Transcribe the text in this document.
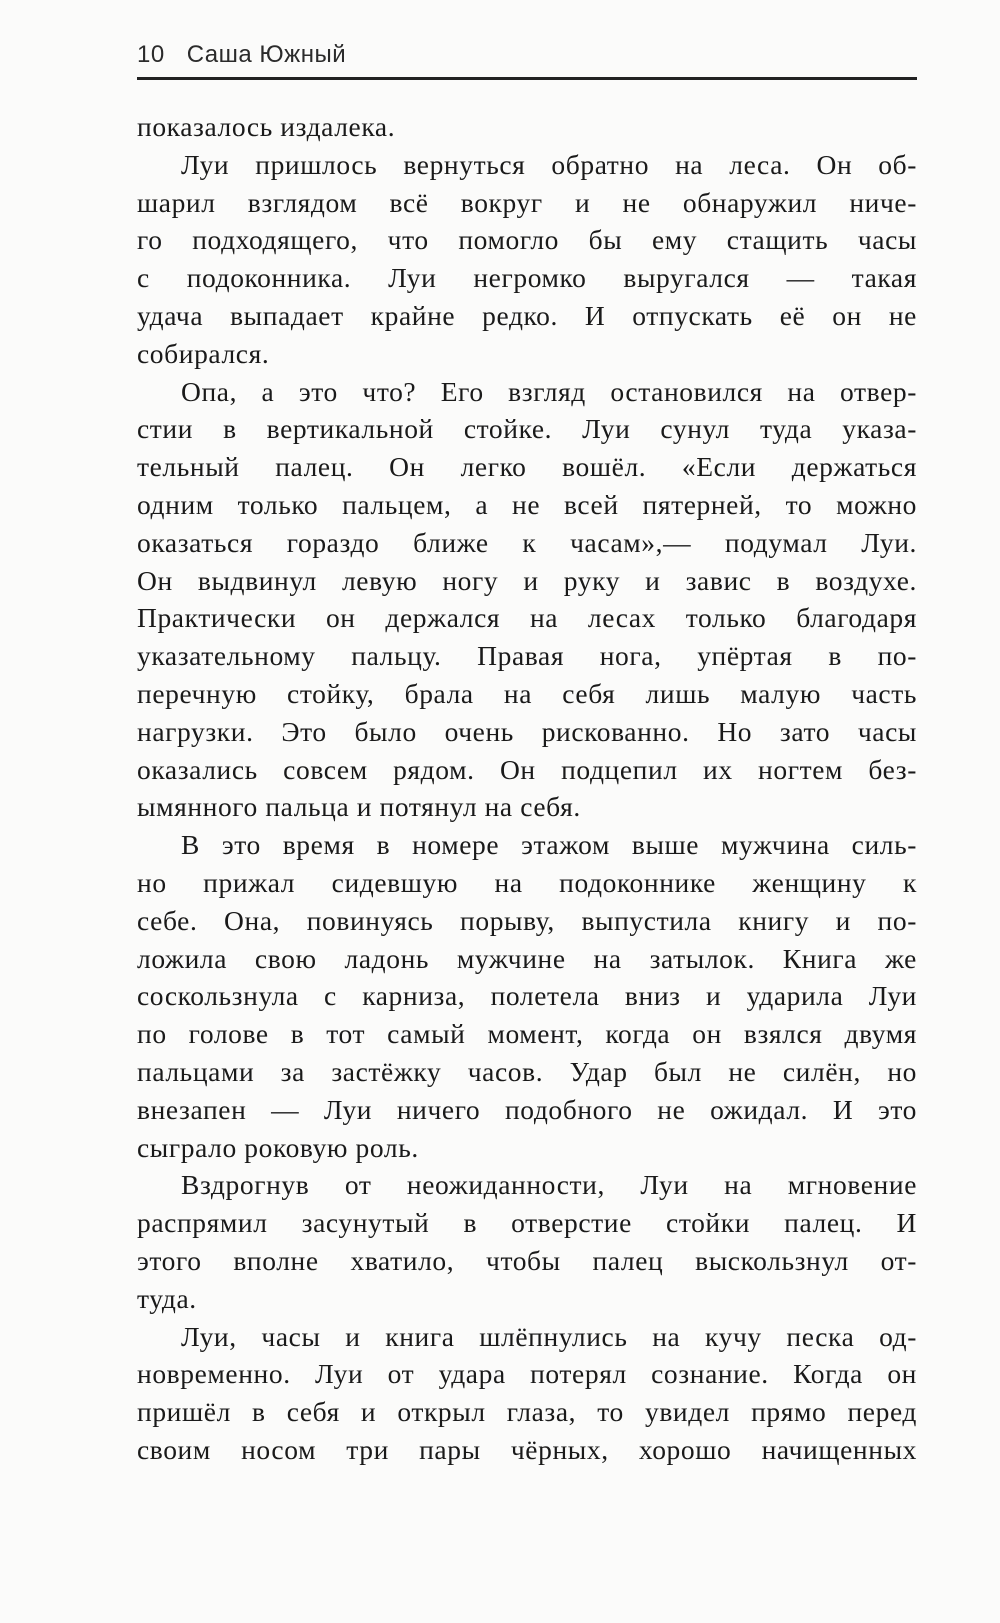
10 Саша Южный
показалось издалека.
Луи пришлось вернуться обратно на леса. Он об-
шарил взглядом всё вокруг и не обнаружил ниче-
го подходящего, что помогло бы ему стащить часы
с подоконника. Луи негромко выругался — такая
удача выпадает крайне редко. И отпускать её он не
собирался.
Опа, а это что? Его взгляд остановился на отвер-
стии в вертикальной стойке. Луи сунул туда указа-
тельный палец. Он легко вошёл. «Если держаться
одним только пальцем, а не всей пятерней, то можно
оказаться гораздо ближе к часам»,— подумал Луи.
Он выдвинул левую ногу и руку и завис в воздухе.
Практически он держался на лесах только благодаря
указательному пальцу. Правая нога, упёртая в по-
перечную стойку, брала на себя лишь малую часть
нагрузки. Это было очень рискованно. Но зато часы
оказались совсем рядом. Он подцепил их ногтем без-
ымянного пальца и потянул на себя.
В это время в номере этажом выше мужчина силь-
но прижал сидевшую на подоконнике женщину к
себе. Она, повинуясь порыву, выпустила книгу и по-
ложила свою ладонь мужчине на затылок. Книга же
соскользнула с карниза, полетела вниз и ударила Луи
по голове в тот самый момент, когда он взялся двумя
пальцами за застёжку часов. Удар был не силён, но
внезапен — Луи ничего подобного не ожидал. И это
сыграло роковую роль.
Вздрогнув от неожиданности, Луи на мгновение
распрямил засунутый в отверстие стойки палец. И
этого вполне хватило, чтобы палец выскользнул от-
туда.
Луи, часы и книга шлёпнулись на кучу песка од-
новременно. Луи от удара потерял сознание. Когда он
пришёл в себя и открыл глаза, то увидел прямо перед
своим носом три пары чёрных, хорошо начищенных
